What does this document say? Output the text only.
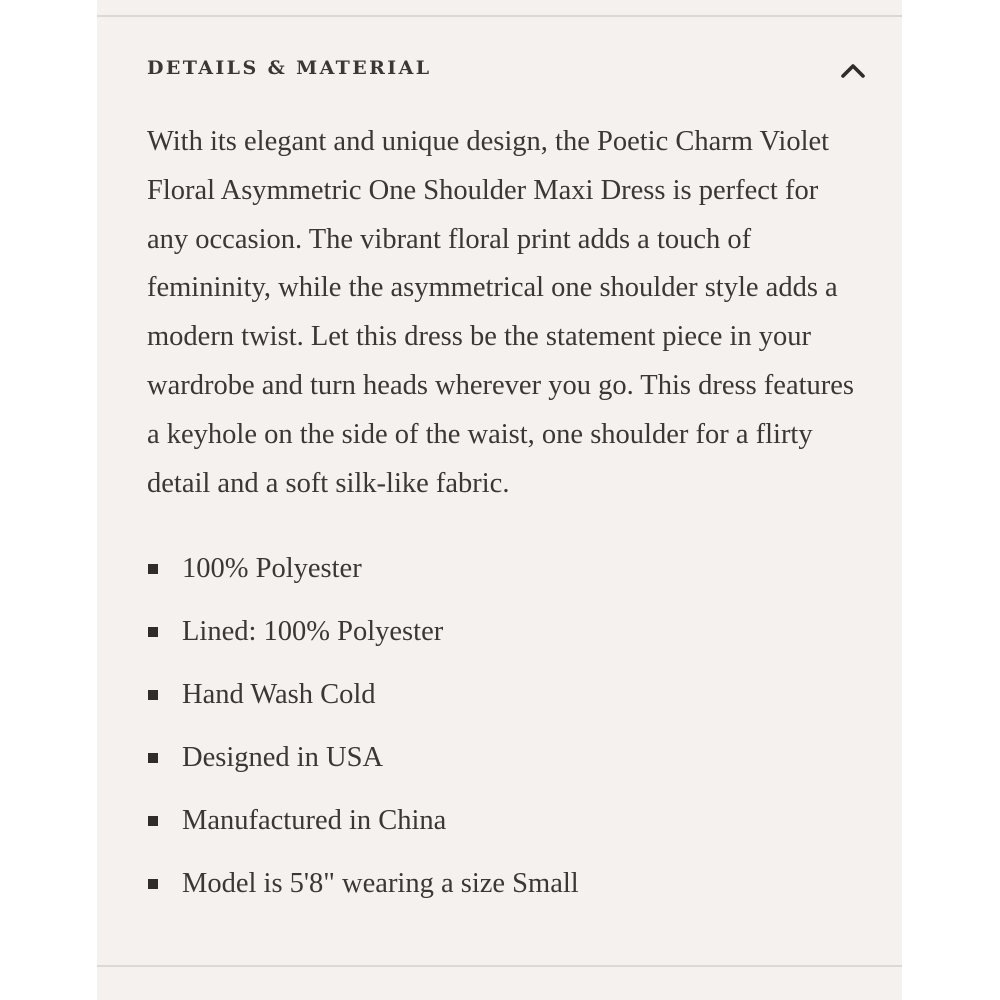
DETAILS & MATERIAL

With its elegant and unique design, the Poetic Charm Violet Floral Asymmetric One Shoulder Maxi Dress is perfect for any occasion. The vibrant floral print adds a touch of femininity, while the asymmetrical one shoulder style adds a modern twist. Let this dress be the statement piece in your wardrobe and turn heads wherever you go. This dress features a keyhole on the side of the waist, one shoulder for a flirty detail and a soft silk-like fabric.

100% Polyester
Lined: 100% Polyester
Hand Wash Cold
Designed in USA
Manufactured in China
Model is 5'8" wearing a size Small
